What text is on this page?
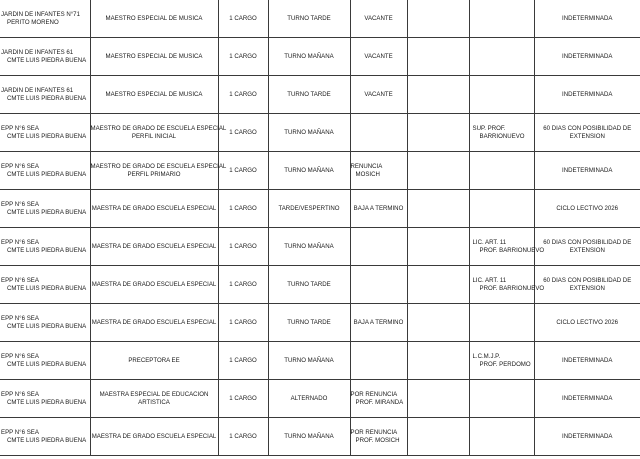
JARDIN DE INFANTES N°71
PERITO MORENO	MAESTRO ESPECIAL DE MUSICA	1 CARGO	TURNO TARDE	VACANTE			INDETERMINADA

JARDIN DE INFANTES 61
CMTE LUIS PIEDRA BUENA	MAESTRO ESPECIAL DE MUSICA	1 CARGO	TURNO MAÑANA	VACANTE			INDETERMINADA

JARDIN DE INFANTES 61
CMTE LUIS PIEDRA BUENA	MAESTRO ESPECIAL DE MUSICA	1 CARGO	TURNO TARDE	VACANTE			INDETERMINADA

EPP N°6 SEA
CMTE LUIS PIEDRA BUENA	MAESTRO DE GRADO DE ESCUELA ESPECIAL
PERFIL INICIAL	1 CARGO	TURNO MAÑANA			SUP. PROF.
BARRIONUEVO	60 DIAS CON POSIBILIDAD DE
EXTENSION

EPP N°6 SEA
CMTE LUIS PIEDRA BUENA	MAESTRO DE GRADO DE ESCUELA ESPECIAL
PERFIL PRIMARIO	1 CARGO	TURNO MAÑANA	RENUNCIA
MOSICH			INDETERMINADA

EPP N°6 SEA
CMTE LUIS PIEDRA BUENA	MAESTRA DE GRADO ESCUELA ESPECIAL	1 CARGO	TARDE/VESPERTINO	BAJA A TERMINO			CICLO LECTIVO 2026

EPP N°6 SEA
CMTE LUIS PIEDRA BUENA	MAESTRA DE GRADO ESCUELA ESPECIAL	1 CARGO	TURNO MAÑANA			LIC. ART. 11
PROF. BARRIONUEVO	60 DIAS CON POSIBILIDAD DE
EXTENSION

EPP N°6 SEA
CMTE LUIS PIEDRA BUENA	MAESTRA DE GRADO ESCUELA ESPECIAL	1 CARGO	TURNO TARDE			LIC. ART. 11
PROF. BARRIONUEVO	60 DIAS CON POSIBILIDAD DE
EXTENSION

EPP N°6 SEA
CMTE LUIS PIEDRA BUENA	MAESTRA DE GRADO ESCUELA ESPECIAL	1 CARGO	TURNO TARDE	BAJA A TERMINO			CICLO LECTIVO 2026

EPP N°6 SEA
CMTE LUIS PIEDRA BUENA	PRECEPTORA EE	1 CARGO	TURNO MAÑANA			L.C.M.J.P.
PROF. PERDOMO	INDETERMINADA

EPP N°6 SEA
CMTE LUIS PIEDRA BUENA	MAESTRA ESPECIAL DE EDUCACION
ARTISTICA	1 CARGO	ALTERNADO	POR RENUNCIA
PROF. MIRANDA			INDETERMINADA

EPP N°6 SEA
CMTE LUIS PIEDRA BUENA	MAESTRA DE GRADO ESCUELA ESPECIAL	1 CARGO	TURNO MAÑANA	POR RENUNCIA
PROF. MOSICH			INDETERMINADA
